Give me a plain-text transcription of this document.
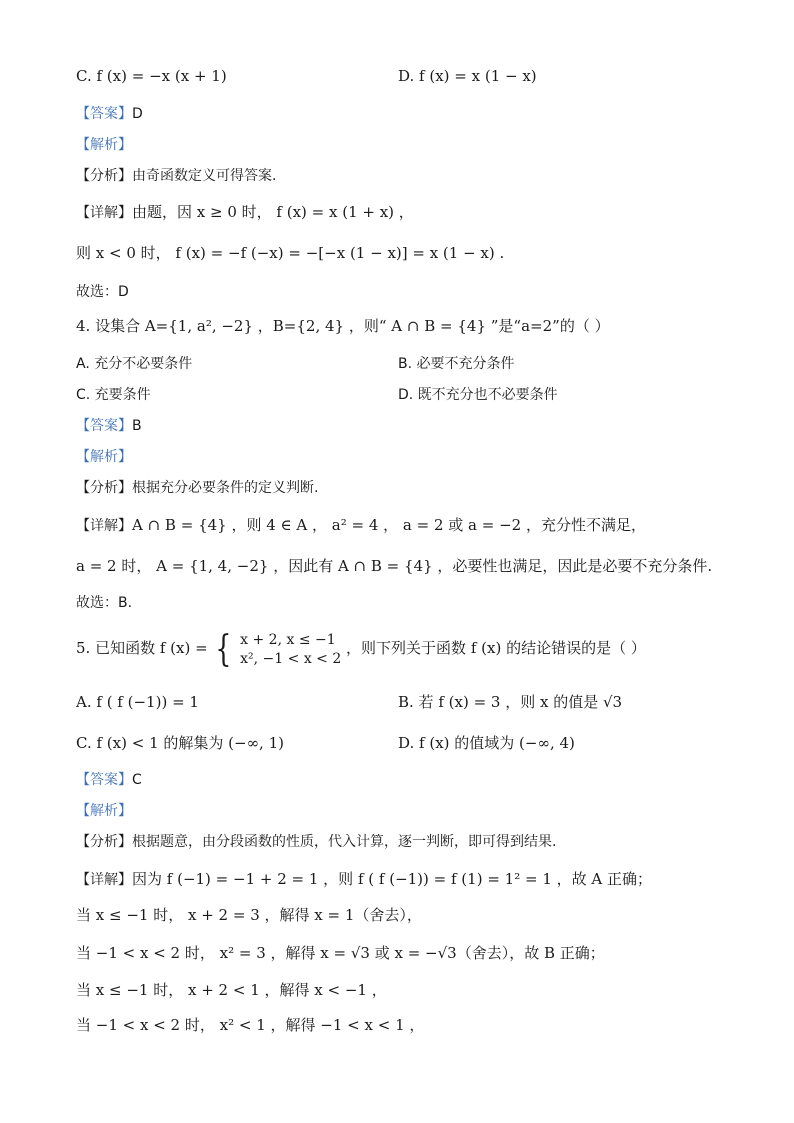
C. f (x) = −x (x + 1)	D. f (x) = x (1 − x)
【答案】D
【解析】
【分析】由奇函数定义可得答案.
【详解】由题，因 x ≥ 0 时， f (x) = x (1 + x) ，
则 x < 0 时， f (x) = −f (−x) = −[−x (1 − x)] = x (1 − x) .
故选：D
4. 设集合 A={1, a², −2} ，B={2, 4} ，则“ A ∩ B = {4} ”是“a=2”的（ ）
A. 充分不必要条件	B. 必要不充分条件
C. 充要条件	D. 既不充分也不必要条件
【答案】B
【解析】
【分析】根据充分必要条件的定义判断.
【详解】A ∩ B = {4} ，则 4 ∈ A ， a² = 4 ， a = 2 或 a = −2 ，充分性不满足，
a = 2 时， A = {1, 4, −2} ，因此有 A ∩ B = {4} ，必要性也满足，因此是必要不充分条件.
故选：B.
5. 已知函数 f (x) = { x + 2, x ≤ −1
x², −1 < x < 2
，则下列关于函数 f (x) 的结论错误的是（ ）
A. f ( f (−1)) = 1	B. 若 f (x) = 3 ，则 x 的值是 √3
C. f (x) < 1 的解集为 (−∞, 1)	D. f (x) 的值域为 (−∞, 4)
【答案】C
【解析】
【分析】根据题意，由分段函数的性质，代入计算，逐一判断，即可得到结果.
【详解】因为 f (−1) = −1 + 2 = 1 ，则 f ( f (−1)) = f (1) = 1² = 1 ，故 A 正确；
当 x ≤ −1 时， x + 2 = 3 ，解得 x = 1（舍去），
当 −1 < x < 2 时， x² = 3 ，解得 x = √3 或 x = −√3（舍去），故 B 正确；
当 x ≤ −1 时， x + 2 < 1 ，解得 x < −1 ，
当 −1 < x < 2 时， x² < 1 ，解得 −1 < x < 1 ，
